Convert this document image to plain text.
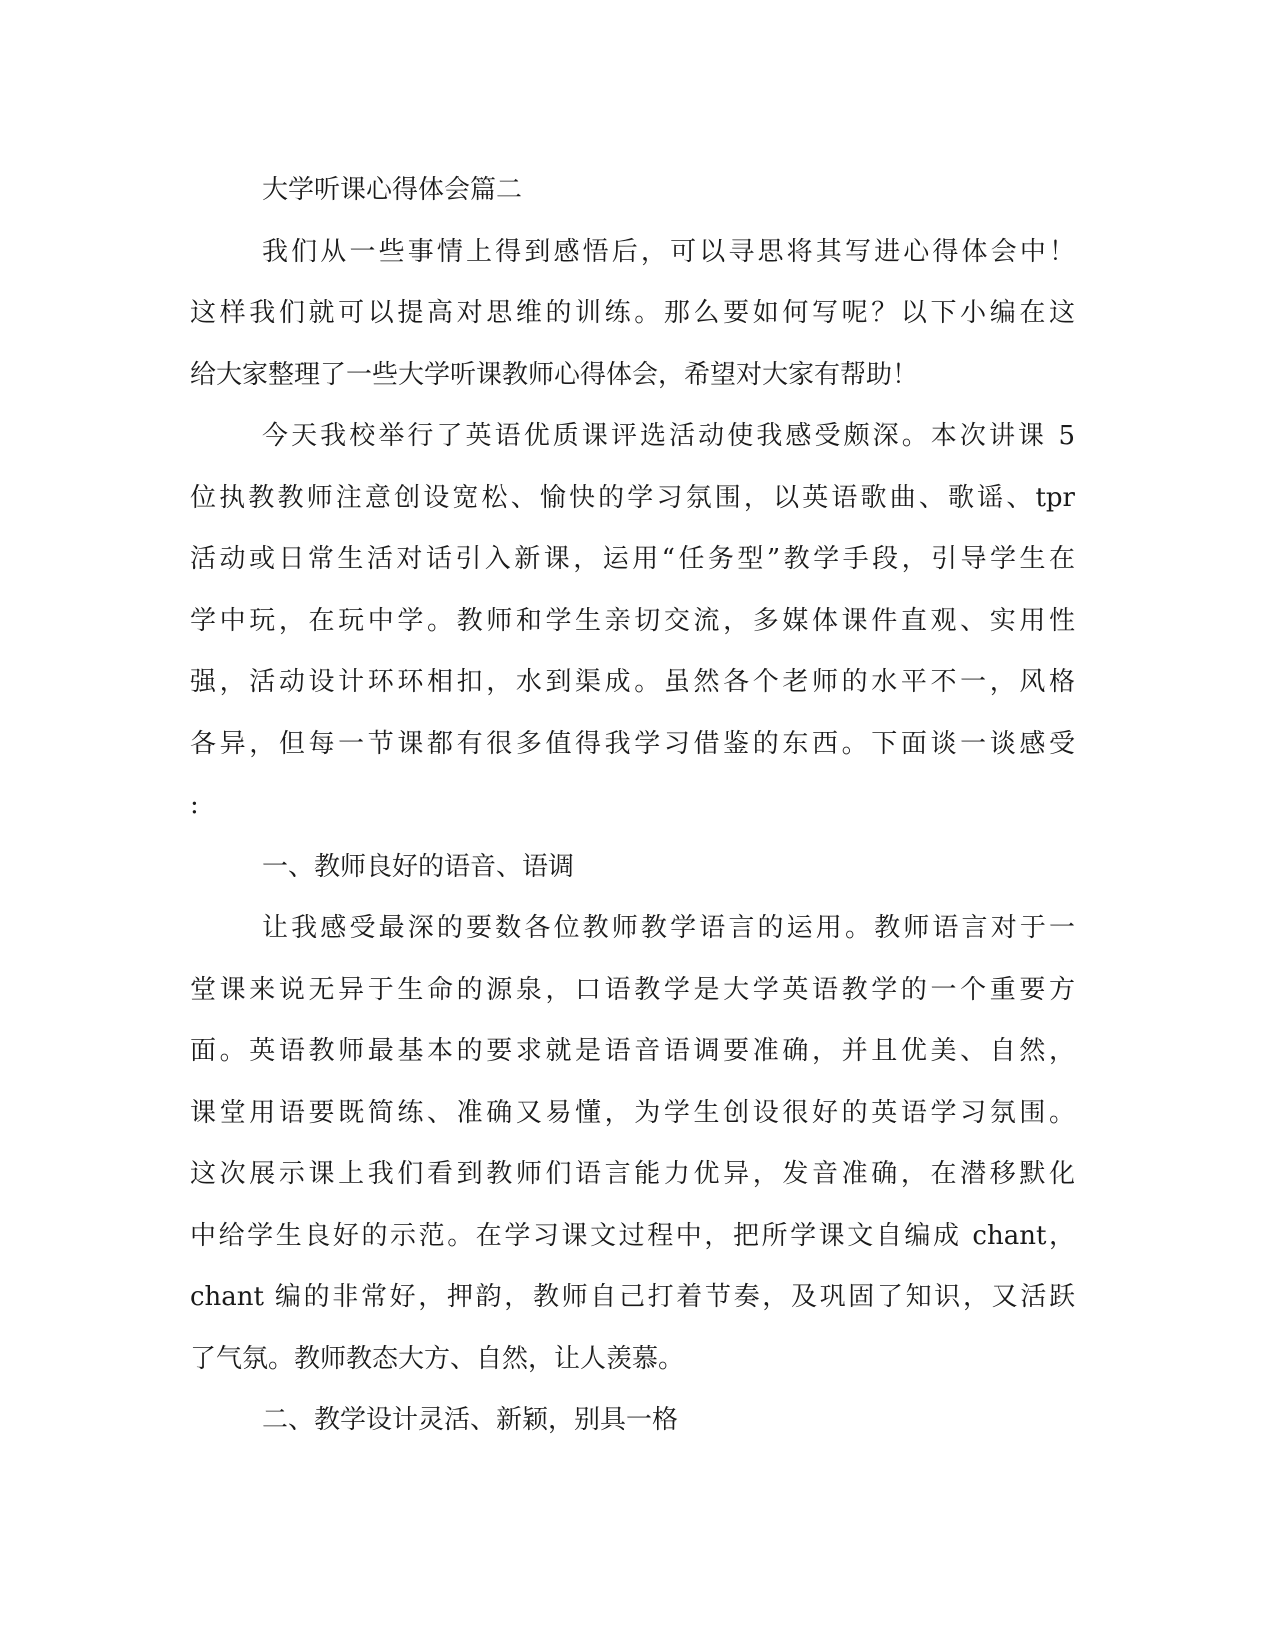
大学听课心得体会篇二
我们从一些事情上得到感悟后，可以寻思将其写进心得体会中！
这样我们就可以提高对思维的训练。那么要如何写呢？以下小编在这
给大家整理了一些大学听课教师心得体会，希望对大家有帮助！
今天我校举行了英语优质课评选活动使我感受颇深。本次讲课 5
位执教教师注意创设宽松、愉快的学习氛围，以英语歌曲、歌谣、tpr
活动或日常生活对话引入新课，运用“任务型”教学手段，引导学生在
学中玩，在玩中学。教师和学生亲切交流，多媒体课件直观、实用性
强，活动设计环环相扣，水到渠成。虽然各个老师的水平不一，风格
各异，但每一节课都有很多值得我学习借鉴的东西。下面谈一谈感受
:
一、教师良好的语音、语调
让我感受最深的要数各位教师教学语言的运用。教师语言对于一
堂课来说无异于生命的源泉，口语教学是大学英语教学的一个重要方
面。英语教师最基本的要求就是语音语调要准确，并且优美、自然，
课堂用语要既简练、准确又易懂，为学生创设很好的英语学习氛围。
这次展示课上我们看到教师们语言能力优异，发音准确，在潜移默化
中给学生良好的示范。在学习课文过程中，把所学课文自编成 chant，
chant 编的非常好，押韵，教师自己打着节奏，及巩固了知识，又活跃
了气氛。教师教态大方、自然，让人羡慕。
二、教学设计灵活、新颖，别具一格
